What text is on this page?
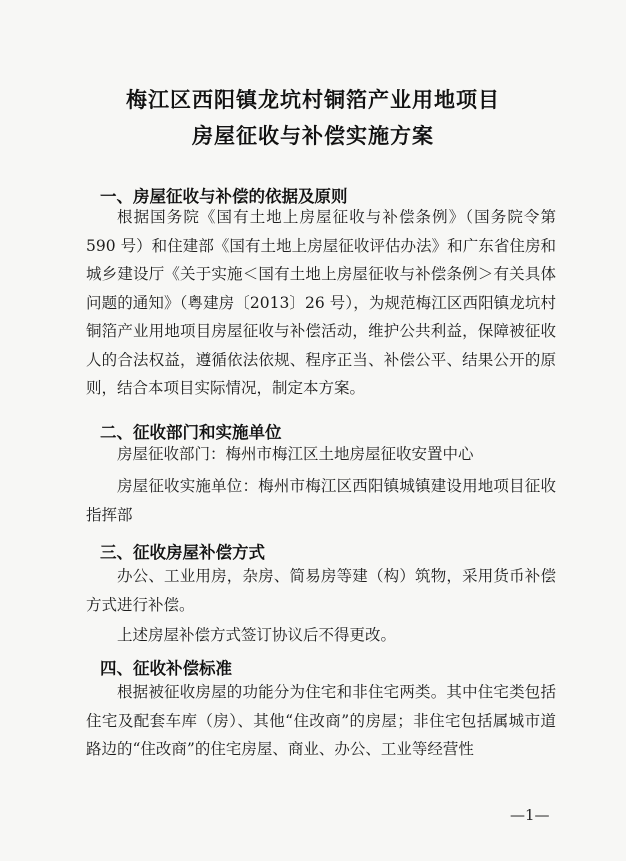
梅江区西阳镇龙坑村铜箔产业用地项目
房屋征收与补偿实施方案
一、房屋征收与补偿的依据及原则
根据国务院《国有土地上房屋征收与补偿条例》（国务院令第 590 号）和住建部《国有土地上房屋征收评估办法》和广东省住房和城乡建设厅《关于实施＜国有土地上房屋征收与补偿条例＞有关具体问题的通知》（粤建房〔2013〕26 号），为规范梅江区西阳镇龙坑村铜箔产业用地项目房屋征收与补偿活动，维护公共利益，保障被征收人的合法权益，遵循依法依规、程序正当、补偿公平、结果公开的原则，结合本项目实际情况，制定本方案。
二、征收部门和实施单位
房屋征收部门：梅州市梅江区土地房屋征收安置中心
房屋征收实施单位：梅州市梅江区西阳镇城镇建设用地项目征收指挥部
三、征收房屋补偿方式
办公、工业用房，杂房、简易房等建（构）筑物，采用货币补偿方式进行补偿。
上述房屋补偿方式签订协议后不得更改。
四、征收补偿标准
根据被征收房屋的功能分为住宅和非住宅两类。其中住宅类包括住宅及配套车库（房）、其他“住改商”的房屋；非住宅包括属城市道路边的“住改商”的住宅房屋、商业、办公、工业等经营性
—1—
